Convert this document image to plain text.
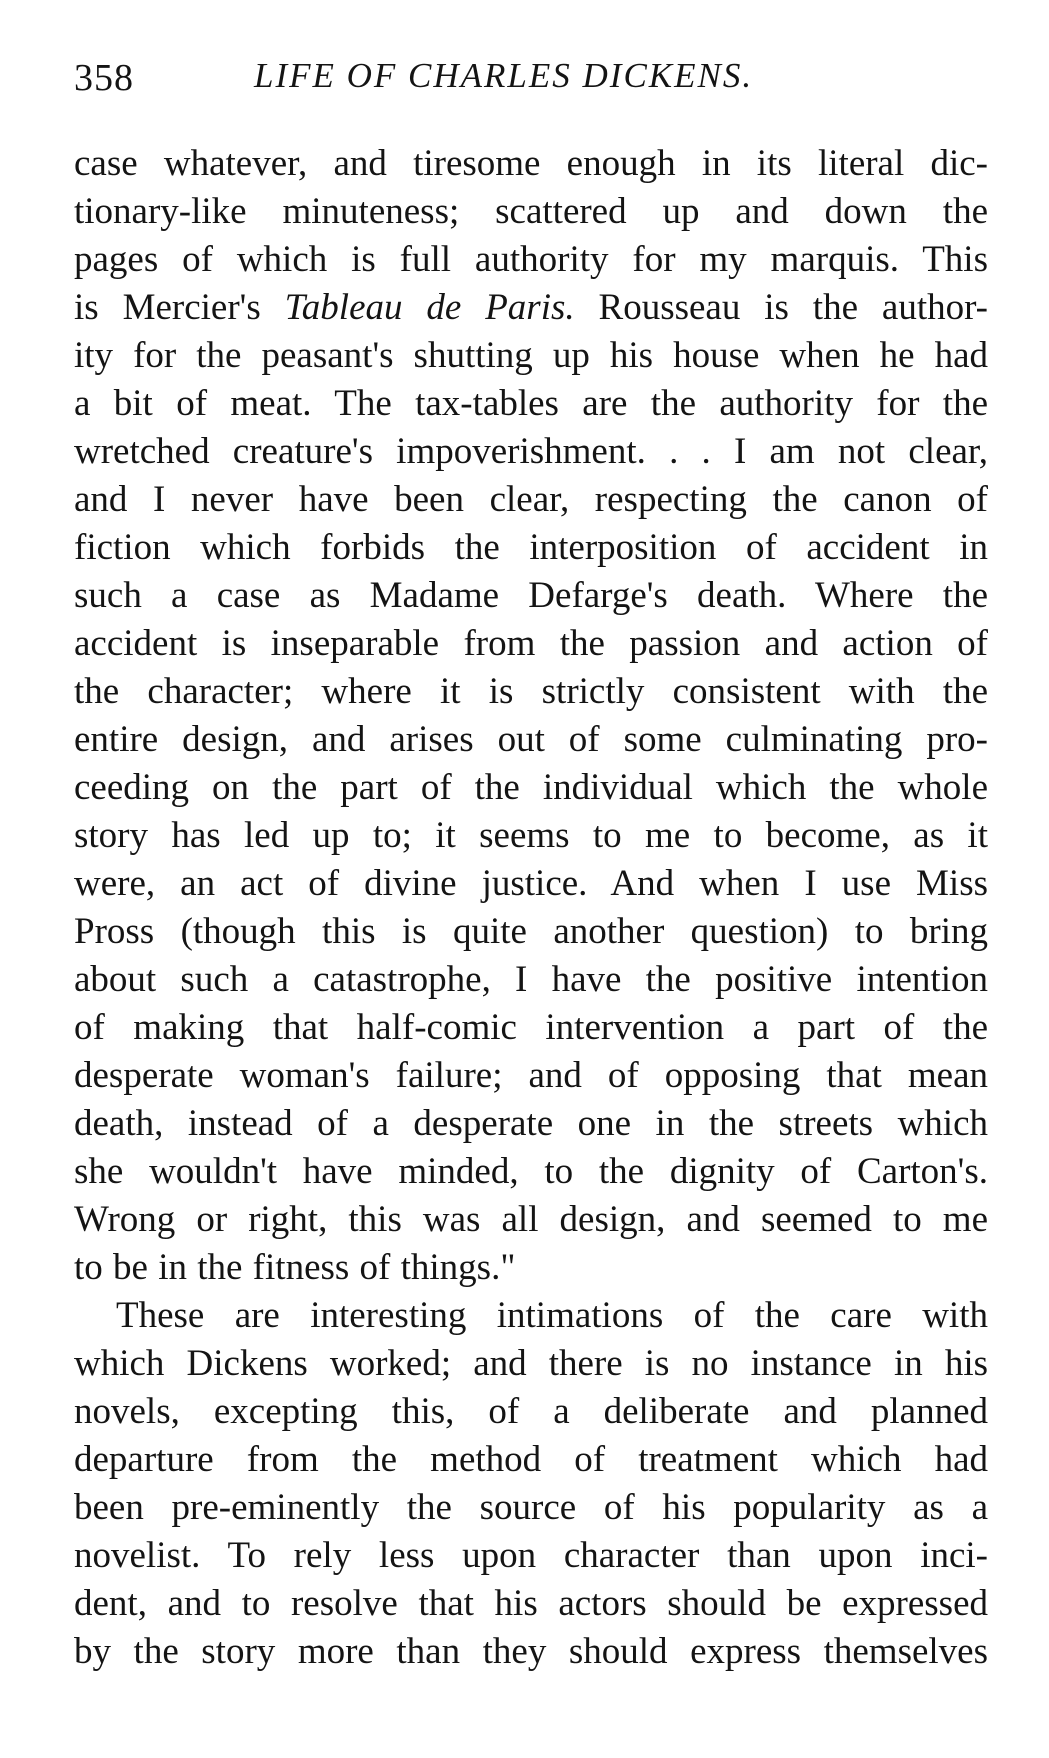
358	LIFE OF CHARLES DICKENS.
case whatever, and tiresome enough in its literal dic-
tionary-like minuteness; scattered up and down the
pages of which is full authority for my marquis. This
is Mercier's Tableau de Paris. Rousseau is the author-
ity for the peasant's shutting up his house when he had
a bit of meat. The tax-tables are the authority for the
wretched creature's impoverishment. . . I am not clear,
and I never have been clear, respecting the canon of
fiction which forbids the interposition of accident in
such a case as Madame Defarge's death. Where the
accident is inseparable from the passion and action of
the character; where it is strictly consistent with the
entire design, and arises out of some culminating pro-
ceeding on the part of the individual which the whole
story has led up to; it seems to me to become, as it
were, an act of divine justice. And when I use Miss
Pross (though this is quite another question) to bring
about such a catastrophe, I have the positive intention
of making that half-comic intervention a part of the
desperate woman's failure; and of opposing that mean
death, instead of a desperate one in the streets which
she wouldn't have minded, to the dignity of Carton's.
Wrong or right, this was all design, and seemed to me
to be in the fitness of things."
These are interesting intimations of the care with
which Dickens worked; and there is no instance in his
novels, excepting this, of a deliberate and planned
departure from the method of treatment which had
been pre-eminently the source of his popularity as a
novelist. To rely less upon character than upon inci-
dent, and to resolve that his actors should be expressed
by the story more than they should express themselves
